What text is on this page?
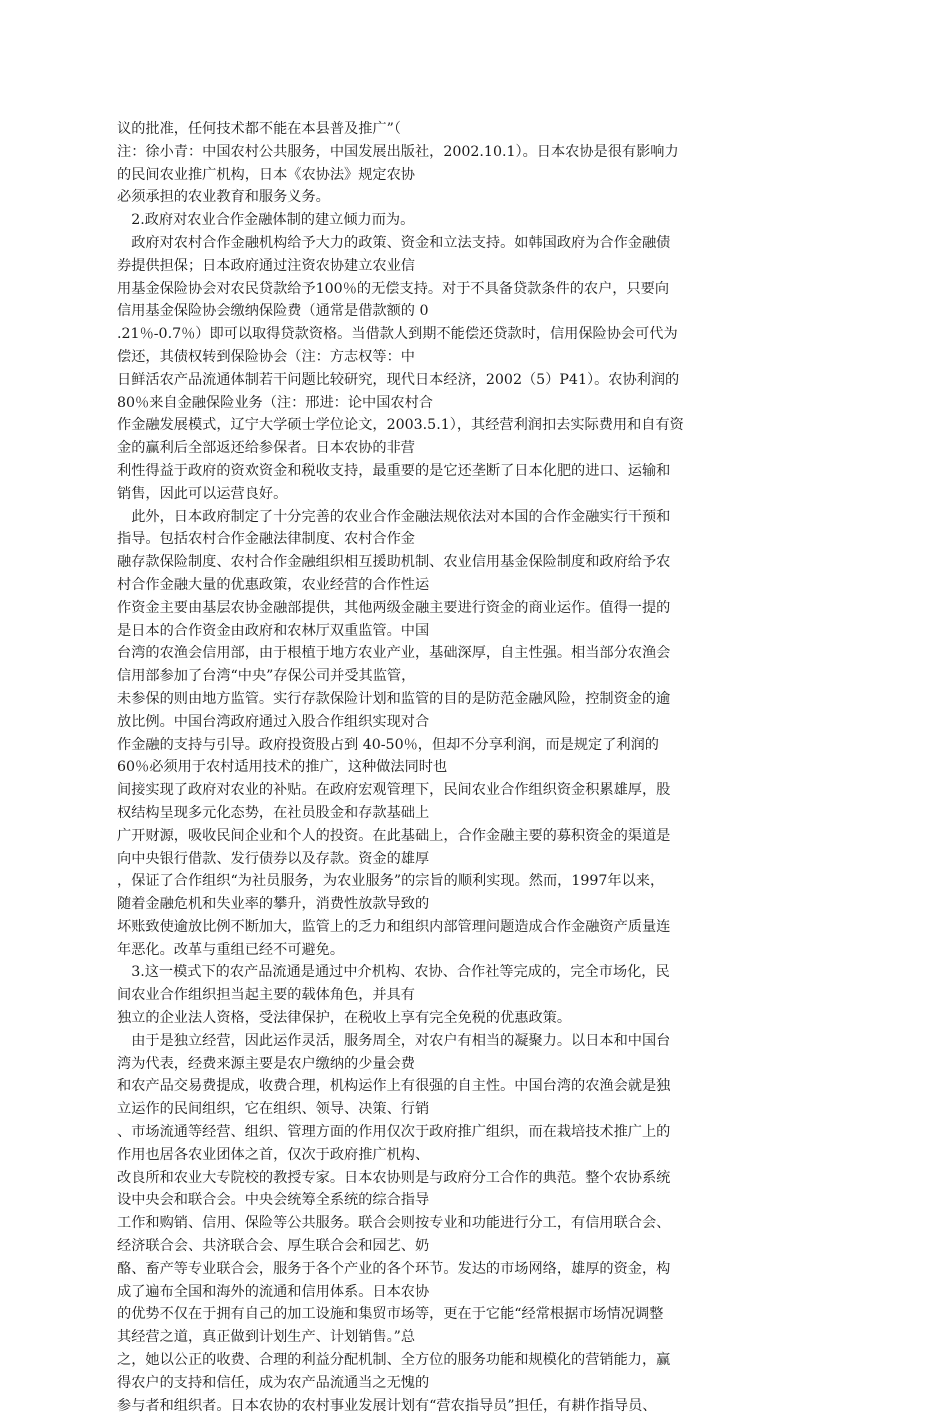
议的批准，任何技术都不能在本县普及推广”（
注：徐小青：中国农村公共服务，中国发展出版社，2002.10.1）。日本农协是很有影响力
的民间农业推广机构，日本《农协法》规定农协
必须承担的农业教育和服务义务。
　2.政府对农业合作金融体制的建立倾力而为。
　政府对农村合作金融机构给予大力的政策、资金和立法支持。如韩国政府为合作金融债
券提供担保；日本政府通过注资农协建立农业信
用基金保险协会对农民贷款给予100％的无偿支持。对于不具备贷款条件的农户，只要向
信用基金保险协会缴纳保险费（通常是借款额的 0
.21％-0.7％）即可以取得贷款资格。当借款人到期不能偿还贷款时，信用保险协会可代为
偿还，其债权转到保险协会（注：方志权等：中
日鲜活农产品流通体制若干问题比较研究，现代日本经济，2002（5）P41）。农协利润的
80％来自金融保险业务（注：邢进：论中国农村合
作金融发展模式，辽宁大学硕士学位论文，2003.5.1），其经营利润扣去实际费用和自有资
金的赢利后全部返还给参保者。日本农协的非营
利性得益于政府的资欢资金和税收支持，最重要的是它还垄断了日本化肥的进口、运输和
销售，因此可以运营良好。
　此外，日本政府制定了十分完善的农业合作金融法规依法对本国的合作金融实行干预和
指导。包括农村合作金融法律制度、农村合作金
融存款保险制度、农村合作金融组织相互援助机制、农业信用基金保险制度和政府给予农
村合作金融大量的优惠政策，农业经营的合作性运
作资金主要由基层农协金融部提供，其他两级金融主要进行资金的商业运作。值得一提的
是日本的合作资金由政府和农林厅双重监管。中国
台湾的农渔会信用部，由于根植于地方农业产业，基础深厚，自主性强。相当部分农渔会
信用部参加了台湾“中央”存保公司并受其监管，
未参保的则由地方监管。实行存款保险计划和监管的目的是防范金融风险，控制资金的逾
放比例。中国台湾政府通过入股合作组织实现对合
作金融的支持与引导。政府投资股占到 40-50％，但却不分享利润，而是规定了利润的
60％必须用于农村适用技术的推广，这种做法同时也
间接实现了政府对农业的补贴。在政府宏观管理下，民间农业合作组织资金积累雄厚，股
权结构呈现多元化态势，在社员股金和存款基础上
广开财源，吸收民间企业和个人的投资。在此基础上，合作金融主要的募积资金的渠道是
向中央银行借款、发行债券以及存款。资金的雄厚
，保证了合作组织“为社员服务，为农业服务”的宗旨的顺利实现。然而，1997年以来，
随着金融危机和失业率的攀升，消费性放款导致的
坏账致使逾放比例不断加大，监管上的乏力和组织内部管理问题造成合作金融资产质量连
年恶化。改革与重组已经不可避免。
　3.这一模式下的农产品流通是通过中介机构、农协、合作社等完成的，完全市场化，民
间农业合作组织担当起主要的载体角色，并具有
独立的企业法人资格，受法律保护，在税收上享有完全免税的优惠政策。
　由于是独立经营，因此运作灵活，服务周全，对农户有相当的凝聚力。以日本和中国台
湾为代表，经费来源主要是农户缴纳的少量会费
和农产品交易费提成，收费合理，机构运作上有很强的自主性。中国台湾的农渔会就是独
立运作的民间组织，它在组织、领导、决策、行销
、市场流通等经营、组织、管理方面的作用仅次于政府推广组织，而在栽培技术推广上的
作用也居各农业团体之首，仅次于政府推广机构、
改良所和农业大专院校的教授专家。日本农协则是与政府分工合作的典范。整个农协系统
设中央会和联合会。中央会统筹全系统的综合指导
工作和购销、信用、保险等公共服务。联合会则按专业和功能进行分工，有信用联合会、
经济联合会、共济联合会、厚生联合会和园艺、奶
酪、畜产等专业联合会，服务于各个产业的各个环节。发达的市场网络，雄厚的资金，构
成了遍布全国和海外的流通和信用体系。日本农协
的优势不仅在于拥有自己的加工设施和集贸市场等，更在于它能“经常根据市场情况调整
其经营之道，真正做到计划生产、计划销售。”总
之，她以公正的收费、合理的利益分配机制、全方位的服务功能和规模化的营销能力，赢
得农户的支持和信任，成为农产品流通当之无愧的
参与者和组织者。日本农协的农村事业发展计划有“营农指导员”担任，有耕作指导员、
